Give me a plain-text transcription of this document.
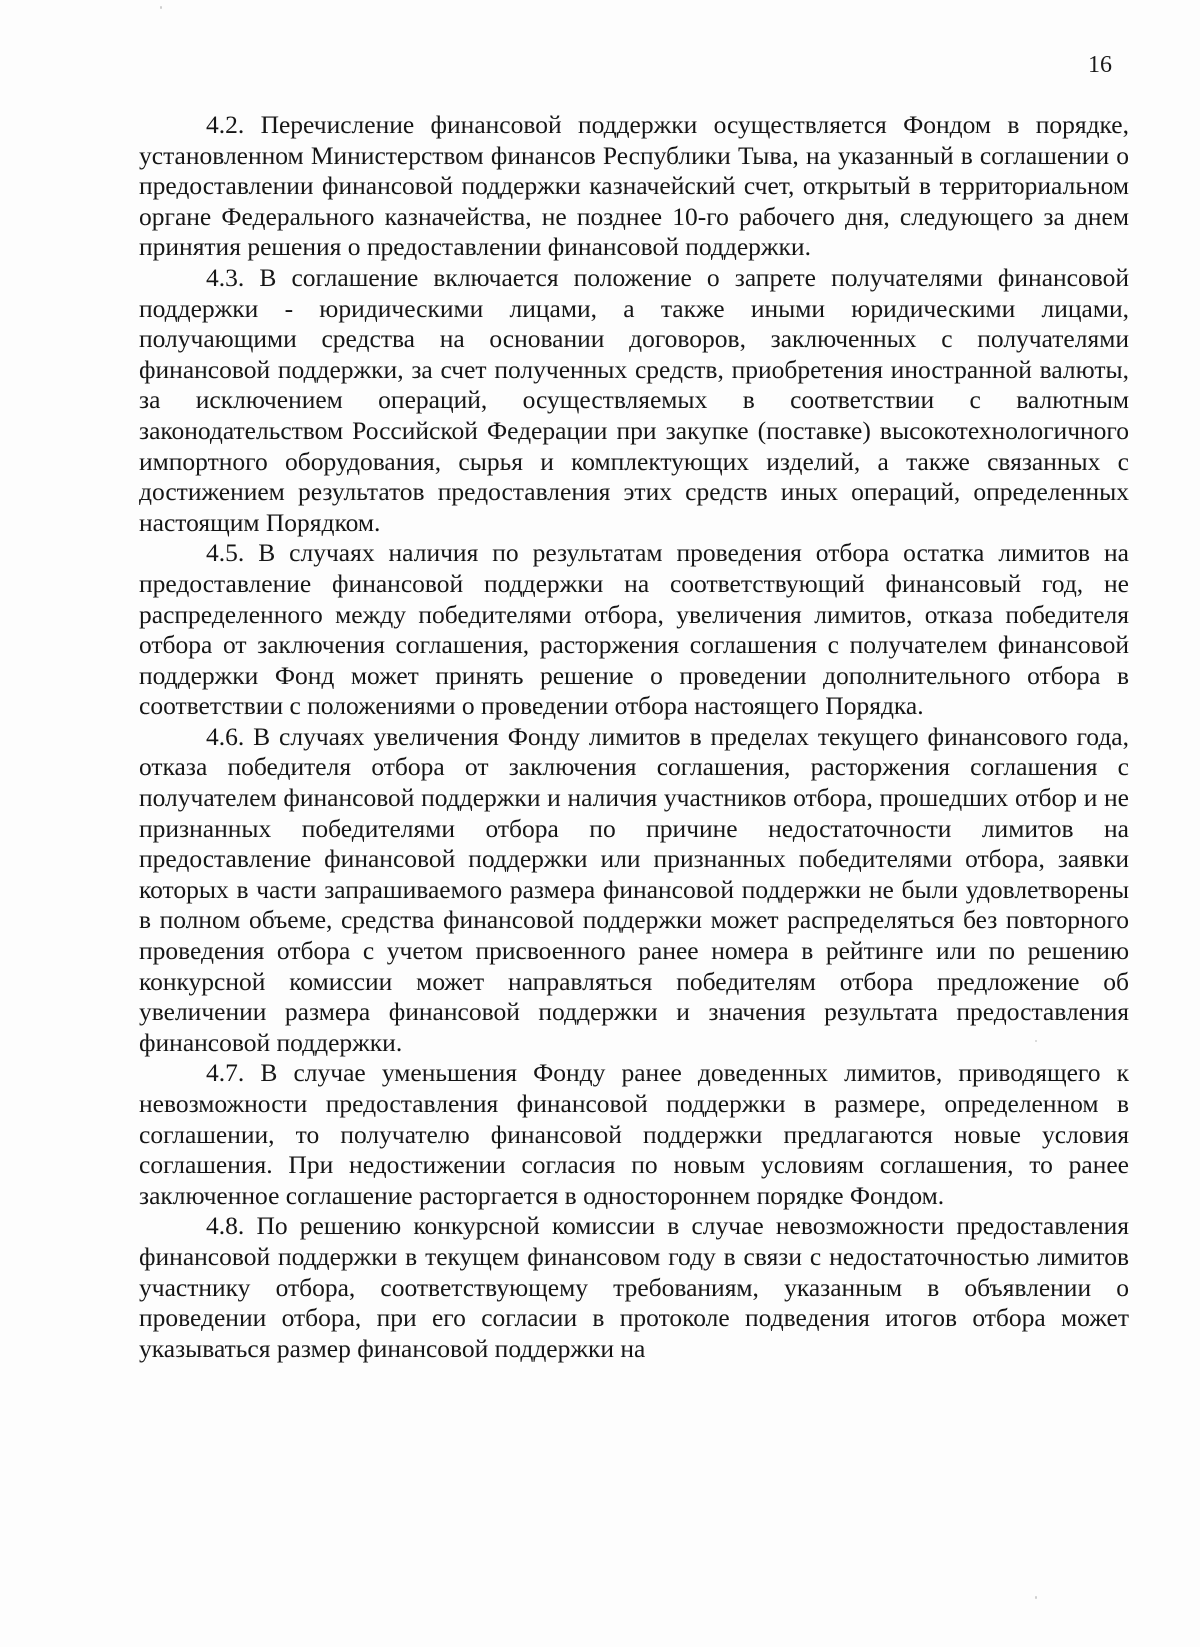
16

4.2. Перечисление финансовой поддержки осуществляется Фондом в порядке, установленном Министерством финансов Республики Тыва, на указанный в соглашении о предоставлении финансовой поддержки казначейский счет, открытый в территориальном органе Федерального казначейства, не позднее 10-го рабочего дня, следующего за днем принятия решения о предоставлении финансовой поддержки.

4.3. В соглашение включается положение о запрете получателями финансовой поддержки - юридическими лицами, а также иными юридическими лицами, получающими средства на основании договоров, заключенных с получателями финансовой поддержки, за счет полученных средств, приобретения иностранной валюты, за исключением операций, осуществляемых в соответствии с валютным законодательством Российской Федерации при закупке (поставке) высокотехнологичного импортного оборудования, сырья и комплектующих изделий, а также связанных с достижением результатов предоставления этих средств иных операций, определенных настоящим Порядком.

4.5. В случаях наличия по результатам проведения отбора остатка лимитов на предоставление финансовой поддержки на соответствующий финансовый год, не распределенного между победителями отбора, увеличения лимитов, отказа победителя отбора от заключения соглашения, расторжения соглашения с получателем финансовой поддержки Фонд может принять решение о проведении дополнительного отбора в соответствии с положениями о проведении отбора настоящего Порядка.

4.6. В случаях увеличения Фонду лимитов в пределах текущего финансового года, отказа победителя отбора от заключения соглашения, расторжения соглашения с получателем финансовой поддержки и наличия участников отбора, прошедших отбор и не признанных победителями отбора по причине недостаточности лимитов на предоставление финансовой поддержки или признанных победителями отбора, заявки которых в части запрашиваемого размера финансовой поддержки не были удовлетворены в полном объеме, средства финансовой поддержки может распределяться без повторного проведения отбора с учетом присвоенного ранее номера в рейтинге или по решению конкурсной комиссии может направляться победителям отбора предложение об увеличении размера финансовой поддержки и значения результата предоставления финансовой поддержки.

4.7. В случае уменьшения Фонду ранее доведенных лимитов, приводящего к невозможности предоставления финансовой поддержки в размере, определенном в соглашении, то получателю финансовой поддержки предлагаются новые условия соглашения. При недостижении согласия по новым условиям соглашения, то ранее заключенное соглашение расторгается в одностороннем порядке Фондом.

4.8. По решению конкурсной комиссии в случае невозможности предоставления финансовой поддержки в текущем финансовом году в связи с недостаточностью лимитов участнику отбора, соответствующему требованиям, указанным в объявлении о проведении отбора, при его согласии в протоколе подведения итогов отбора может указываться размер финансовой поддержки на
